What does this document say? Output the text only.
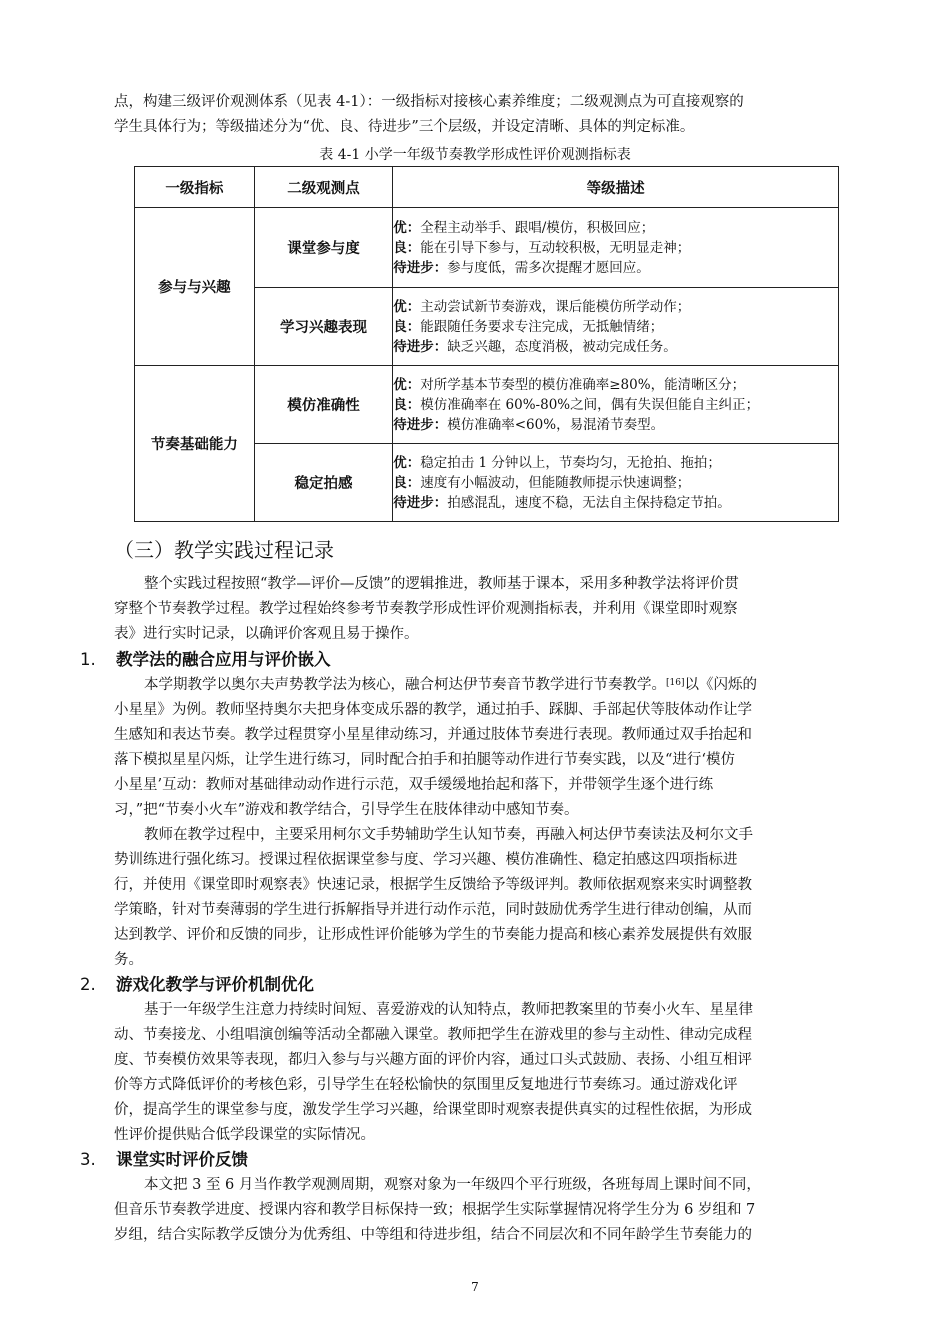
点，构建三级评价观测体系（见表 4-1）：一级指标对接核心素养维度；二级观测点为可直接观察的
学生具体行为；等级描述分为“优、良、待进步”三个层级，并设定清晰、具体的判定标准。

表 4-1 小学一年级节奏教学形成性评价观测指标表
一级指标	二级观测点	等级描述
参与与兴趣	课堂参与度	优：全程主动举手、跟唱/模仿，积极回应；
良：能在引导下参与，互动较积极，无明显走神；
待进步：参与度低，需多次提醒才愿回应。

	学习兴趣表现	优：主动尝试新节奏游戏，课后能模仿所学动作；
良：能跟随任务要求专注完成，无抵触情绪；
待进步：缺乏兴趣，态度消极，被动完成任务。

节奏基础能力	模仿准确性	优：对所学基本节奏型的模仿准确率≥80%，能清晰区分；
良：模仿准确率在 60%-80%之间，偶有失误但能自主纠正；
待进步：模仿准确率<60%，易混淆节奏型。

	稳定拍感	优：稳定拍击 1 分钟以上，节奏均匀，无抢拍、拖拍；
良：速度有小幅波动，但能随教师提示快速调整；
待进步：拍感混乱，速度不稳，无法自主保持稳定节拍。
（三）教学实践过程记录

整个实践过程按照“教学—评价—反馈”的逻辑推进，教师基于课本，采用多种教学法将评价贯
穿整个节奏教学过程。教学过程始终参考节奏教学形成性评价观测指标表，并利用《课堂即时观察
表》进行实时记录，以确评价客观且易于操作。

1. 教学法的融合应用与评价嵌入

本学期教学以奥尔夫声势教学法为核心，融合柯达伊节奏音节教学进行节奏教学。[16]以《闪烁的
小星星》为例。教师坚持奥尔夫把身体变成乐器的教学，通过拍手、踩脚、手部起伏等肢体动作让学
生感知和表达节奏。教学过程贯穿小星星律动练习，并通过肢体节奏进行表现。教师通过双手抬起和
落下模拟星星闪烁，让学生进行练习，同时配合拍手和拍腿等动作进行节奏实践，以及“进行‘模仿
小星星’互动：教师对基础律动动作进行示范，双手缓缓地抬起和落下，并带领学生逐个进行练
习，”把“节奏小火车”游戏和教学结合，引导学生在肢体律动中感知节奏。

教师在教学过程中，主要采用柯尔文手势辅助学生认知节奏，再融入柯达伊节奏读法及柯尔文手
势训练进行强化练习。授课过程依据课堂参与度、学习兴趣、模仿准确性、稳定拍感这四项指标进
行，并使用《课堂即时观察表》快速记录，根据学生反馈给予等级评判。教师依据观察来实时调整教
学策略，针对节奏薄弱的学生进行拆解指导并进行动作示范，同时鼓励优秀学生进行律动创编，从而
达到教学、评价和反馈的同步，让形成性评价能够为学生的节奏能力提高和核心素养发展提供有效服
务。

2. 游戏化教学与评价机制优化

基于一年级学生注意力持续时间短、喜爱游戏的认知特点，教师把教案里的节奏小火车、星星律
动、节奏接龙、小组唱演创编等活动全都融入课堂。教师把学生在游戏里的参与主动性、律动完成程
度、节奏模仿效果等表现，都归入参与与兴趣方面的评价内容，通过口头式鼓励、表扬、小组互相评
价等方式降低评价的考核色彩，引导学生在轻松愉快的氛围里反复地进行节奏练习。通过游戏化评
价，提高学生的课堂参与度，激发学生学习兴趣，给课堂即时观察表提供真实的过程性依据，为形成
性评价提供贴合低学段课堂的实际情况。

3. 课堂实时评价反馈

本文把 3 至 6 月当作教学观测周期，观察对象为一年级四个平行班级，各班每周上课时间不同，
但音乐节奏教学进度、授课内容和教学目标保持一致；根据学生实际掌握情况将学生分为 6 岁组和 7
岁组，结合实际教学反馈分为优秀组、中等组和待进步组，结合不同层次和不同年龄学生节奏能力的

7
